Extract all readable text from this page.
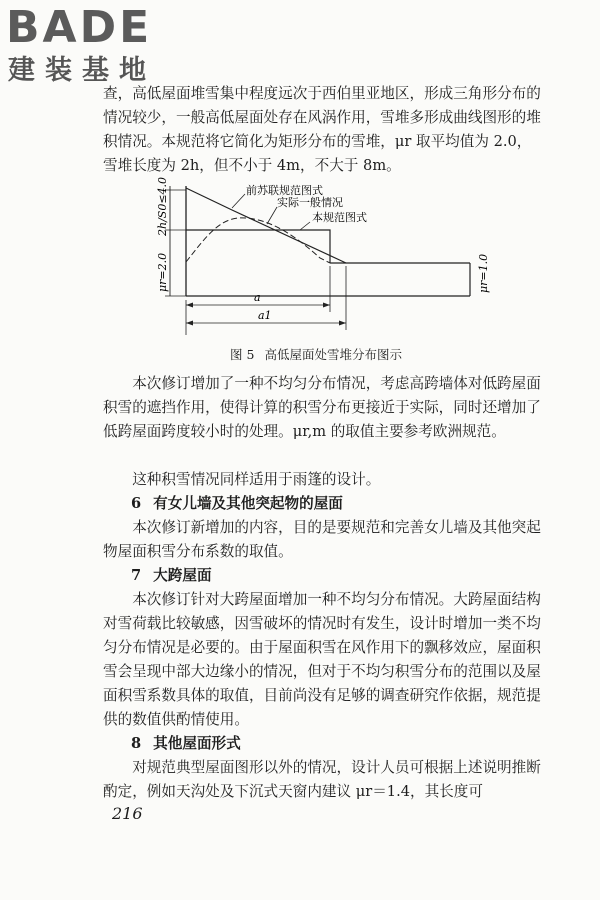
BADE
建装基地

查，高低屋面堆雪集中程度远次于西伯里亚地区，形成三角形分布的情况较少，一般高低屋面处存在风涡作用，雪堆多形成曲线图形的堆积情况。本规范将它简化为矩形分布的雪堆，μr 取平均值为 2.0，雪堆长度为 2h，但不小于 4m，不大于 8m。

前苏联规范图式
实际一般情况
本规范图式
2h/S0≤4.0
μr=2.0	μr=1.0
a
a1
图 5 高低屋面处雪堆分布图示

本次修订增加了一种不均匀分布情况，考虑高跨墙体对低跨屋面积雪的遮挡作用，使得计算的积雪分布更接近于实际，同时还增加了低跨屋面跨度较小时的处理。μr,m 的取值主要参考欧洲规范。

这种积雪情况同样适用于雨篷的设计。

6 有女儿墙及其他突起物的屋面

本次修订新增加的内容，目的是要规范和完善女儿墙及其他突起物屋面积雪分布系数的取值。

7 大跨屋面

本次修订针对大跨屋面增加一种不均匀分布情况。大跨屋面结构对雪荷载比较敏感，因雪破坏的情况时有发生，设计时增加一类不均匀分布情况是必要的。由于屋面积雪在风作用下的飘移效应，屋面积雪会呈现中部大边缘小的情况，但对于不均匀积雪分布的范围以及屋面积雪系数具体的取值，目前尚没有足够的调查研究作依据，规范提供的数值供酌情使用。

8 其他屋面形式

对规范典型屋面图形以外的情况，设计人员可根据上述说明推断酌定，例如天沟处及下沉式天窗内建议 μr＝1.4，其长度可

216
